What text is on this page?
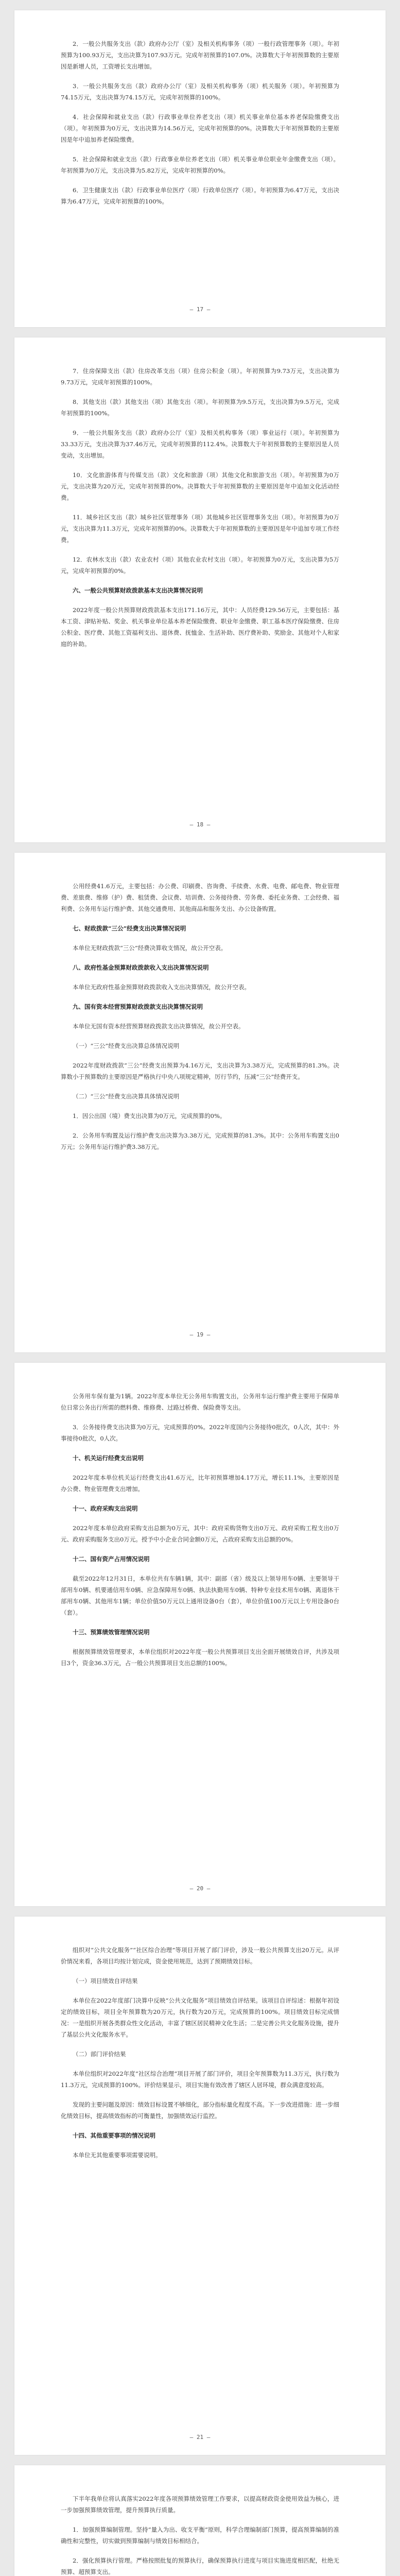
2．一般公共服务支出（款）政府办公厅（室）及相关机构事务（项）一般行政管理事务（项）。年初预算为100.93万元，支出决算为107.93万元。完成年初预算的107.0%。决算数大于年初预算数的主要原因是新增人员，工资增长支出增加。

3．一般公共服务支出（款）政府办公厅（室）及相关机构事务（项）机关服务（项）。年初预算为74.15万元，支出决算为74.15万元，完成年初预算的100%。

4．社会保障和就业支出（款）行政事业单位养老支出（项）机关事业单位基本养老保险缴费支出（项）。年初预算为0万元，支出决算为14.56万元，完成年初预算的0%。决算数大于年初预算数的主要原因是年中追加养老保险缴费。

5．社会保障和就业支出（款）行政事业单位养老支出（项）机关事业单位职业年金缴费支出（项）。年初预算为0万元，支出决算为5.82万元，完成年初预算的0%。

6．卫生健康支出（款）行政事业单位医疗（项）行政单位医疗（项）。年初预算为6.47万元，支出决算为6.47万元，完成年初预算的100%。

— 17 —

7．住房保障支出（款）住房改革支出（项）住房公积金（项）。年初预算为9.73万元，支出决算为9.73万元，完成年初预算的100%。

8．其他支出（款）其他支出（项）其他支出（项）。年初预算为9.5万元，支出决算为9.5万元，完成年初预算的100%。

9．一般公共服务支出（款）政府办公厅（室）及相关机构事务（项）事业运行（项）。年初预算为33.33万元，支出决算为37.46万元，完成年初预算的112.4%。决算数大于年初预算数的主要原因是人员变动，支出增加。

10．文化旅游体育与传媒支出（款）文化和旅游（项）其他文化和旅游支出（项）。年初预算为0万元，支出决算为20万元，完成年初预算的0%。决算数大于年初预算数的主要原因是年中追加文化活动经费。

11．城乡社区支出（款）城乡社区管理事务（项）其他城乡社区管理事务支出（项）。年初预算为0万元，支出决算为11.3万元，完成年初预算的0%。决算数大于年初预算数的主要原因是年中追加专项工作经费。

12．农林水支出（款）农业农村（项）其他农业农村支出（项）。年初预算为0万元，支出决算为5万元，完成年初预算的0%。

六、一般公共预算财政拨款基本支出决算情况说明

2022年度一般公共预算财政拨款基本支出171.16万元，其中：人员经费129.56万元，主要包括：基本工资、津贴补贴、奖金、机关事业单位基本养老保险缴费、职业年金缴费、职工基本医疗保险缴费、住房公积金、医疗费、其他工资福利支出、退休费、抚恤金、生活补助、医疗费补助、奖励金、其他对个人和家庭的补助。

— 18 —

公用经费41.6万元，主要包括：办公费、印刷费、咨询费、手续费、水费、电费、邮电费、物业管理费、差旅费、维修（护）费、租赁费、会议费、培训费、公务接待费、劳务费、委托业务费、工会经费、福利费、公务用车运行维护费、其他交通费用、其他商品和服务支出、办公设备购置。

七、财政拨款“三公”经费支出决算情况说明

本单位无财政拨款“三公”经费决算收支情况，故公开空表。

八、政府性基金预算财政拨款收入支出决算情况说明

本单位无政府性基金预算财政拨款收入支出决算情况，故公开空表。

九、国有资本经营预算财政拨款支出决算情况说明

本单位无国有资本经营预算财政拨款支出决算情况，故公开空表。

（一）“三公”经费支出决算总体情况说明

2022年度财政拨款“三公”经费支出预算为4.16万元，支出决算为3.38万元，完成预算的81.3%。决算数小于预算数的主要原因是严格执行中央八项规定精神，厉行节约，压减“三公”经费开支。

（二）“三公”经费支出决算具体情况说明

1．因公出国（境）费支出决算为0万元，完成预算的0%。

2．公务用车购置及运行维护费支出决算为3.38万元，完成预算的81.3%。其中：公务用车购置支出0万元；公务用车运行维护费3.38万元。

— 19 —

公务用车保有量为1辆。2022年度本单位无公务用车购置支出，公务用车运行维护费主要用于保障单位日常公务出行所需的燃料费、维修费、过路过桥费、保险费等支出。

3．公务接待费支出决算为0万元，完成预算的0%。2022年度国内公务接待0批次，0人次，其中：外事接待0批次，0人次。

十、机关运行经费支出说明

2022年度本单位机关运行经费支出41.6万元，比年初预算增加4.17万元，增长11.1%，主要原因是办公费、物业管理费支出增加。

十一、政府采购支出说明

2022年度本单位政府采购支出总额为0万元，其中：政府采购货物支出0万元、政府采购工程支出0万元、政府采购服务支出0万元。授予中小企业合同金额0万元，占政府采购支出总额的0%。

十二、国有资产占用情况说明

截至2022年12月31日，本单位共有车辆1辆，其中：副部（省）级及以上领导用车0辆、主要领导干部用车0辆、机要通信用车0辆、应急保障用车0辆、执法执勤用车0辆、特种专业技术用车0辆、离退休干部用车0辆、其他用车1辆；单位价值50万元以上通用设备0台（套），单位价值100万元以上专用设备0台（套）。

十三、预算绩效管理情况说明

根据预算绩效管理要求，本单位组织对2022年度一般公共预算项目支出全面开展绩效自评，共涉及项目3个，资金36.3万元，占一般公共预算项目支出总额的100%。

— 20 —

组织对“公共文化服务”“社区综合治理”等项目开展了部门评价，涉及一般公共预算支出20万元。从评价情况来看，各项目均按计划完成，资金使用规范，达到了预期绩效目标。

（一）项目绩效自评结果

本单位在2022年度部门决算中反映“公共文化服务”项目绩效自评结果。该项目自评综述：根据年初设定的绩效目标，项目全年预算数为20万元，执行数为20万元，完成预算的100%。项目绩效目标完成情况：一是组织开展各类群众性文化活动，丰富了辖区居民精神文化生活；二是完善公共文化服务设施，提升了基层公共文化服务水平。

（二）部门评价结果

本单位组织对2022年度“社区综合治理”项目开展了部门评价，项目全年预算数为11.3万元，执行数为11.3万元，完成预算的100%。评价结果显示，项目实施有效改善了辖区人居环境，群众满意度较高。

发现的主要问题及原因：绩效目标设置不够细化，部分指标量化程度不高。下一步改进措施：进一步细化绩效目标，提高绩效指标的可衡量性，加强绩效运行监控。

十四、其他重要事项的情况说明

本单位无其他重要事项需要说明。

— 21 —

下半年我单位将认真落实2022年度各项预算绩效管理工作要求，以提高财政资金使用效益为核心，进一步加强预算绩效管理，提升预算执行质量。

1．加强预算编制管理。坚持“量入为出、收支平衡”原则，科学合理编制部门预算，提高预算编制的准确性和完整性，切实做到预算编制与绩效目标相结合。

2．强化预算执行管理。严格按照批复的预算执行，确保预算执行进度与项目实施进度相匹配，杜绝无预算、超预算支出。
